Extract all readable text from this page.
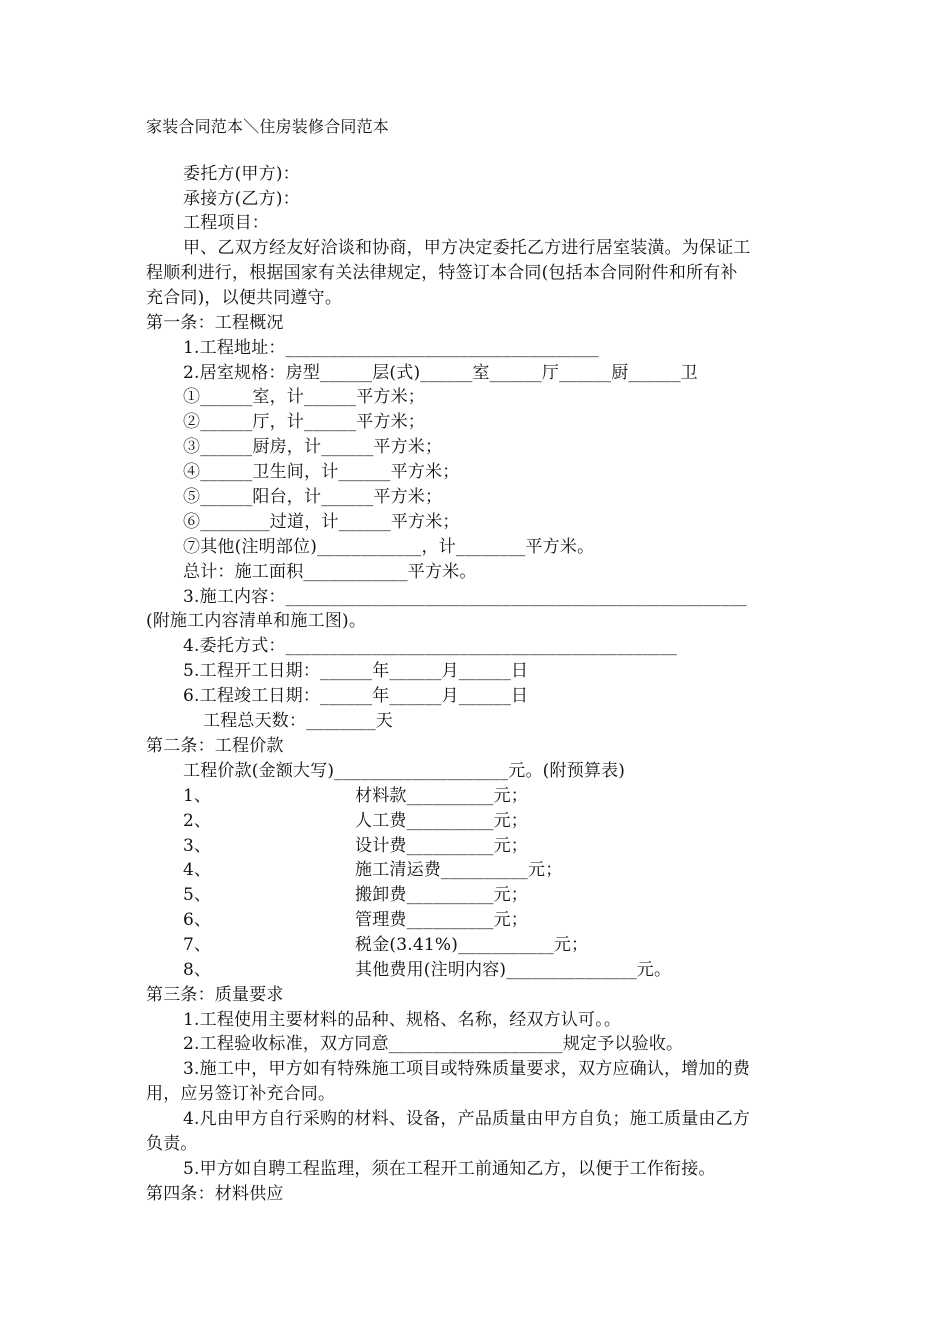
家装合同范本＼住房装修合同范本
委托方(甲方)：
承接方(乙方)：
工程项目：
甲、乙双方经友好洽谈和协商，甲方决定委托乙方进行居室装潢。为保证工
程顺利进行，根据国家有关法律规定，特签订本合同(包括本合同附件和所有补
充合同)，以便共同遵守。
第一条：工程概况
1.工程地址：____________________________________
2.居室规格：房型______层(式)______室______厅______厨______卫
①______室，计______平方米；
②______厅，计______平方米；
③______厨房，计______平方米；
④______卫生间，计______平方米；
⑤______阳台，计______平方米；
⑥________过道，计______平方米；
⑦其他(注明部位)____________，计________平方米。
总计：施工面积____________平方米。
3.施工内容：_____________________________________________________
(附施工内容清单和施工图)。
4.委托方式：_____________________________________________
5.工程开工日期：______年______月______日
6.工程竣工日期：______年______月______日
工程总天数：________天
第二条：工程价款
工程价款(金额大写)____________________元。(附预算表)
1、	材料款__________元；
2、	人工费__________元；
3、	设计费__________元；
4、	施工清运费__________元；
5、	搬卸费__________元；
6、	管理费__________元；
7、	税金(3.41%)___________元；
8、	其他费用(注明内容)_______________元。
第三条：质量要求
1.工程使用主要材料的品种、规格、名称，经双方认可。。
2.工程验收标准，双方同意____________________规定予以验收。
3.施工中，甲方如有特殊施工项目或特殊质量要求，双方应确认，增加的费
用，应另签订补充合同。
4.凡由甲方自行采购的材料、设备，产品质量由甲方自负；施工质量由乙方
负责。
5.甲方如自聘工程监理，须在工程开工前通知乙方，以便于工作衔接。
第四条：材料供应
